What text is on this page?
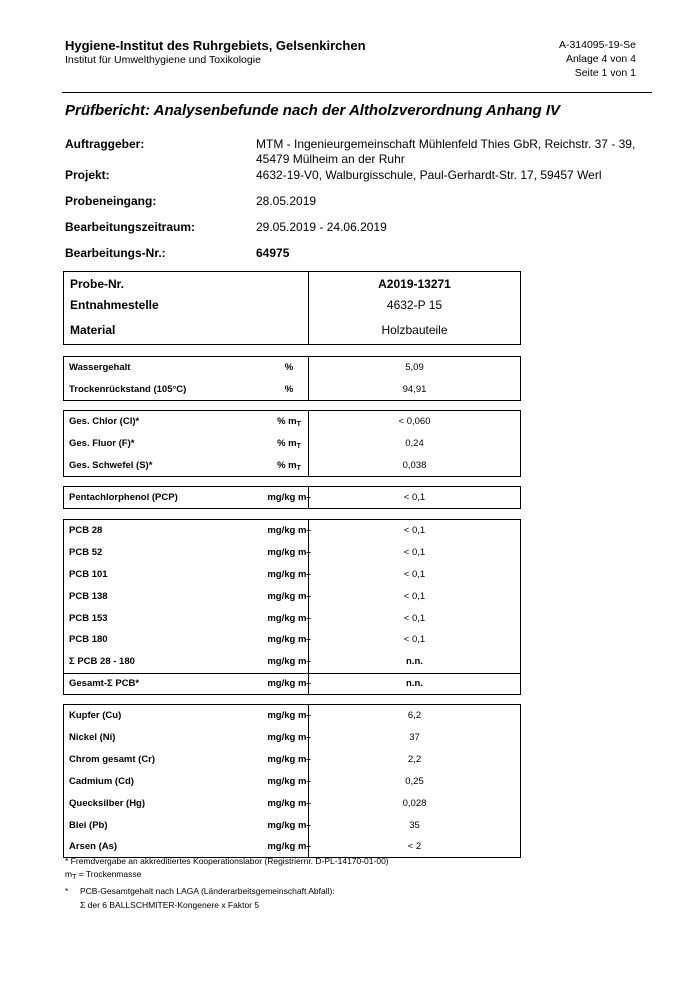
Hygiene-Institut des Ruhrgebiets, Gelsenkirchen
Institut für Umwelthygiene und Toxikologie
A-314095-19-Se
Anlage 4 von 4
Seite 1 von 1
Prüfbericht: Analysenbefunde nach der Altholzverordnung Anhang IV
Auftraggeber:	MTM - Ingenieurgemeinschaft Mühlenfeld Thies GbR, Reichstr. 37 - 39,
45479 Mülheim an der Ruhr
Projekt:	4632-19-V0, Walburgisschule, Paul-Gerhardt-Str. 17, 59457 Werl
Probeneingang:	28.05.2019
Bearbeitungszeitraum:	29.05.2019 - 24.06.2019
Bearbeitungs-Nr.:	64975
Probe-Nr.	A2019-13271
Entnahmestelle	4632-P 15
Material	Holzbauteile
Wassergehalt	%	5,09
Trockenrückstand (105°C)	%	94,91
Ges. Chlor (Cl)*	% $m_T$	< 0,060
Ges. Fluor (F)*	% $m_T$	0,24
Ges. Schwefel (S)*	% $m_T$	0,038
Pentachlorphenol (PCP)	mg/kg $m_T$	< 0,1
PCB 28	mg/kg $m_T$	< 0,1
PCB 52	mg/kg $m_T$	< 0,1
PCB 101	mg/kg $m_T$	< 0,1
PCB 138	mg/kg $m_T$	< 0,1
PCB 153	mg/kg $m_T$	< 0,1
PCB 180	mg/kg $m_T$	< 0,1
Σ PCB 28 - 180	mg/kg $m_T$	n.n.
Gesamt-Σ PCB*	mg/kg $m_T$	n.n.
Kupfer (Cu)	mg/kg $m_T$	6,2
Nickel (Ni)	mg/kg $m_T$	37
Chrom gesamt (Cr)	mg/kg $m_T$	2,2
Cadmium (Cd)	mg/kg $m_T$	0,25
Quecksilber (Hg)	mg/kg $m_T$	0,028
Blei (Pb)	mg/kg $m_T$	35
Arsen (As)	mg/kg $m_T$	< 2
* Fremdvergabe an akkreditiertes Kooperationslabor (Registriernr. D-PL-14170-01-00)
$m_T$ = Trockenmasse
* PCB-Gesamtgehalt nach LAGA (Länderarbeitsgemeinschaft Abfall):
Σ der 6 BALLSCHMITER-Kongenere x Faktor 5
